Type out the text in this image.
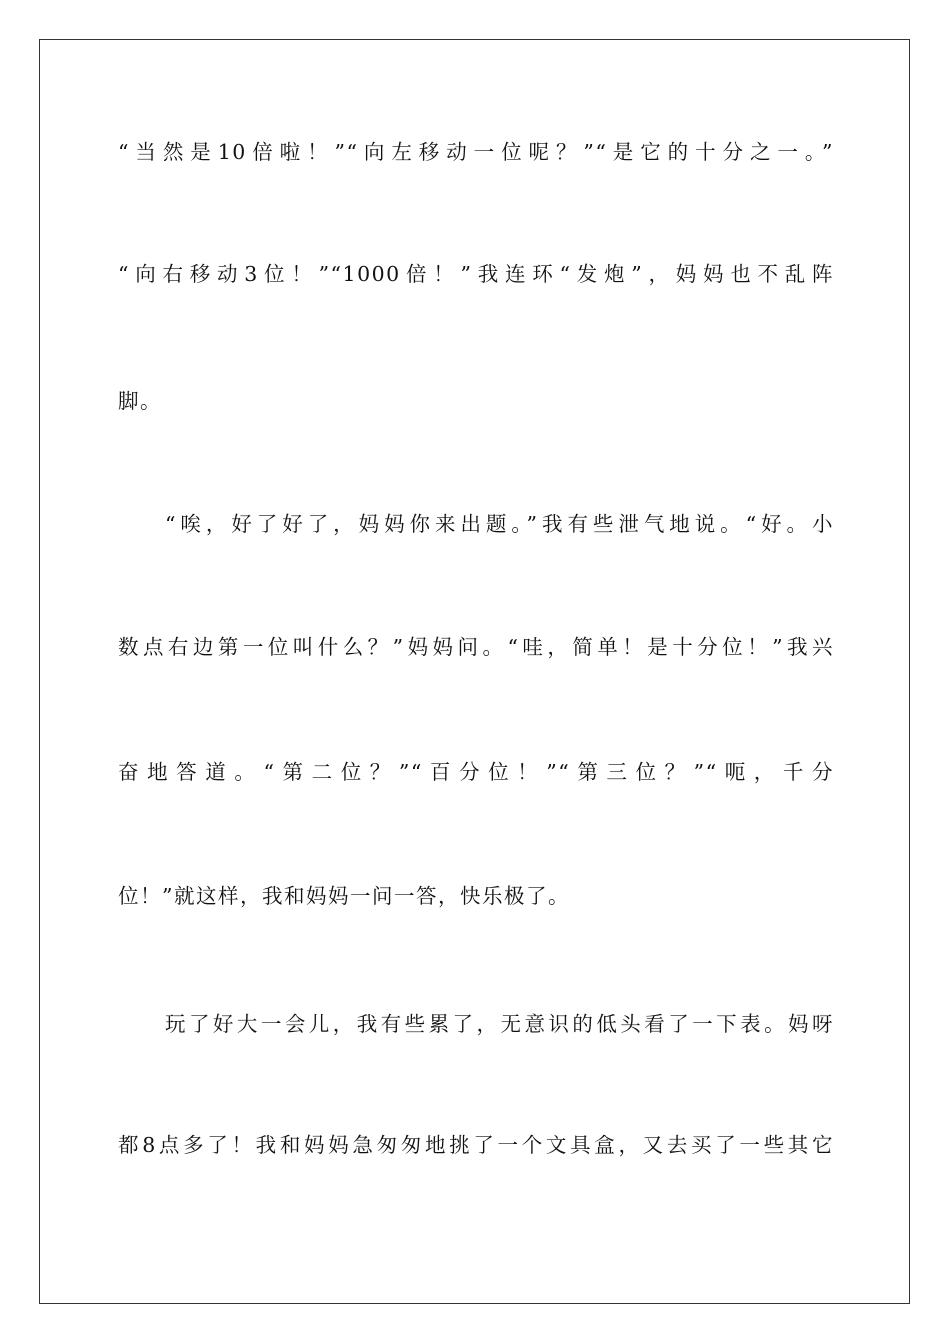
“当然是10倍啦！”“向左移动一位呢？”“是它的十分之一。”
“向右移动3位！”“1000倍！”我连环“发炮”，妈妈也不乱阵
脚。
“唉，好了好了，妈妈你来出题。”我有些泄气地说。“好。小
数点右边第一位叫什么？”妈妈问。“哇，简单！是十分位！”我兴
奋地答道。“第二位？”“百分位！”“第三位？”“呃，千分
位！”就这样，我和妈妈一问一答，快乐极了。
玩了好大一会儿，我有些累了，无意识的低头看了一下表。妈呀
都8点多了！我和妈妈急匆匆地挑了一个文具盒，又去买了一些其它
